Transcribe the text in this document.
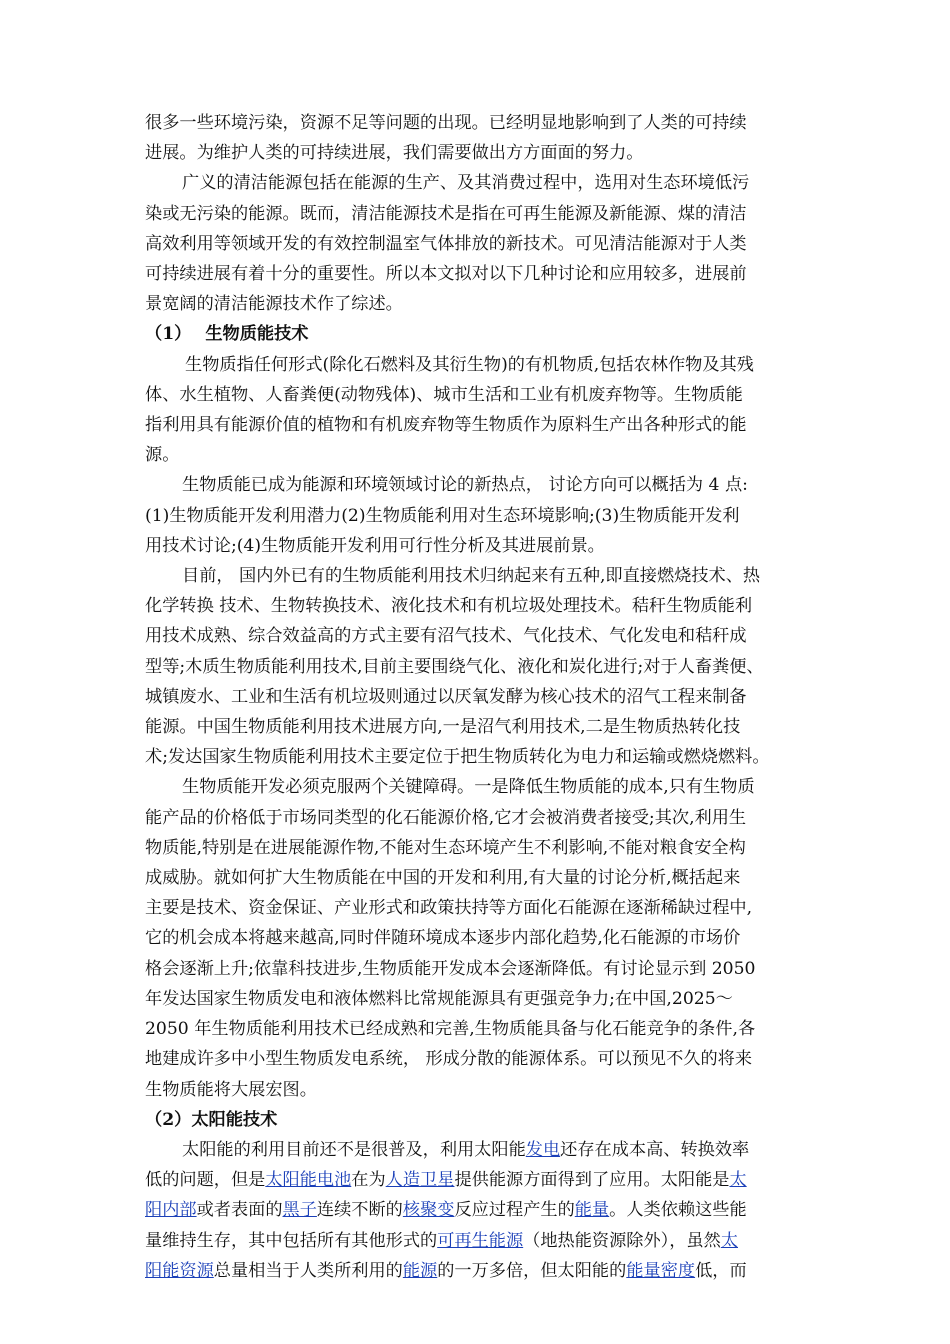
很多一些环境污染，资源不足等问题的出现。已经明显地影响到了人类的可持续
进展。为维护人类的可持续进展，我们需要做出方方面面的努力。
广义的清洁能源包括在能源的生产、及其消费过程中，选用对生态环境低污
染或无污染的能源。既而，清洁能源技术是指在可再生能源及新能源、煤的清洁
高效利用等领域开发的有效控制温室气体排放的新技术。可见清洁能源对于人类
可持续进展有着十分的重要性。所以本文拟对以下几种讨论和应用较多，进展前
景宽阔的清洁能源技术作了综述。
（1） 生物质能技术
生物质指任何形式(除化石燃料及其衍生物)的有机物质,包括农林作物及其残
体、水生植物、人畜粪便(动物残体)、城市生活和工业有机废弃物等。生物质能
指利用具有能源价值的植物和有机废弃物等生物质作为原料生产出各种形式的能
源。
生物质能已成为能源和环境领域讨论的新热点， 讨论方向可以概括为 4 点:
(1)生物质能开发利用潜力(2)生物质能利用对生态环境影响;(3)生物质能开发利
用技术讨论;(4)生物质能开发利用可行性分析及其进展前景。
目前， 国内外已有的生物质能利用技术归纳起来有五种,即直接燃烧技术、热
化学转换 技术、生物转换技术、液化技术和有机垃圾处理技术。秸秆生物质能利
用技术成熟、综合效益高的方式主要有沼气技术、气化技术、气化发电和秸秆成
型等;木质生物质能利用技术,目前主要围绕气化、液化和炭化进行;对于人畜粪便、
城镇废水、工业和生活有机垃圾则通过以厌氧发酵为核心技术的沼气工程来制备
能源。中国生物质能利用技术进展方向,一是沼气利用技术,二是生物质热转化技
术;发达国家生物质能利用技术主要定位于把生物质转化为电力和运输或燃烧燃料。
生物质能开发必须克服两个关键障碍。一是降低生物质能的成本,只有生物质
能产品的价格低于市场同类型的化石能源价格,它才会被消费者接受;其次,利用生
物质能,特别是在进展能源作物,不能对生态环境产生不利影响,不能对粮食安全构
成威胁。就如何扩大生物质能在中国的开发和利用,有大量的讨论分析,概括起来
主要是技术、资金保证、产业形式和政策扶持等方面化石能源在逐渐稀缺过程中,
它的机会成本将越来越高,同时伴随环境成本逐步内部化趋势,化石能源的市场价
格会逐渐上升;依靠科技进步,生物质能开发成本会逐渐降低。有讨论显示到 2050
年发达国家生物质发电和液体燃料比常规能源具有更强竞争力;在中国,2025～
2050 年生物质能利用技术已经成熟和完善,生物质能具备与化石能竞争的条件,各
地建成许多中小型生物质发电系统， 形成分散的能源体系。可以预见不久的将来
生物质能将大展宏图。
（2）太阳能技术
太阳能的利用目前还不是很普及，利用太阳能发电还存在成本高、转换效率
低的问题，但是太阳能电池在为人造卫星提供能源方面得到了应用。太阳能是太
阳内部或者表面的黑子连续不断的核聚变反应过程产生的能量。人类依赖这些能
量维持生存，其中包括所有其他形式的可再生能源（地热能资源除外），虽然太
阳能资源总量相当于人类所利用的能源的一万多倍，但太阳能的能量密度低，而
